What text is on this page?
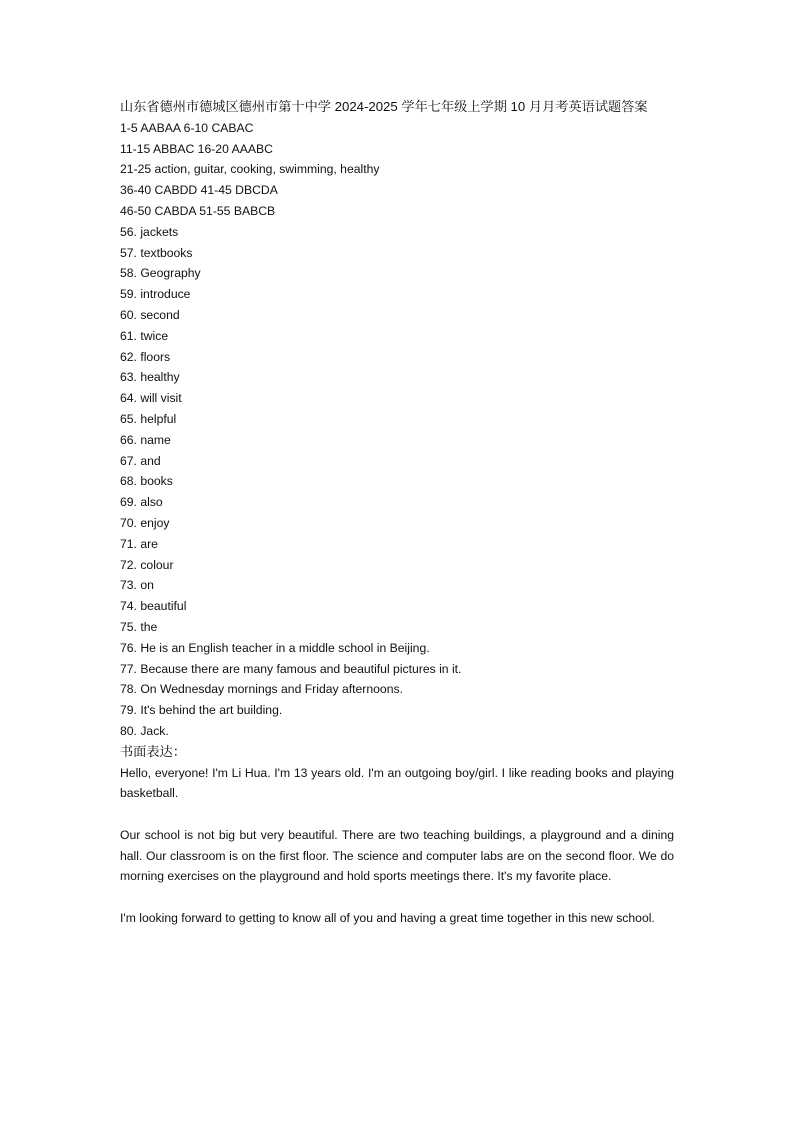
山东省德州市德城区德州市第十中学 2024-2025 学年七年级上学期 10 月月考英语试题答案
1-5 AABAA 6-10 CABAC
11-15 ABBAC 16-20 AAABC
21-25 action, guitar, cooking, swimming, healthy
36-40 CABDD 41-45 DBCDA
46-50 CABDA 51-55 BABCB
56. jackets
57. textbooks
58. Geography
59. introduce
60. second
61. twice
62. floors
63. healthy
64. will visit
65. helpful
66. name
67. and
68. books
69. also
70. enjoy
71. are
72. colour
73. on
74. beautiful
75. the
76. He is an English teacher in a middle school in Beijing.
77. Because there are many famous and beautiful pictures in it.
78. On Wednesday mornings and Friday afternoons.
79. It's behind the art building.
80. Jack.
书面表达：

Hello, everyone! I'm Li Hua. I'm 13 years old. I'm an outgoing boy/girl. I like reading books and playing basketball.

Our school is not big but very beautiful. There are two teaching buildings, a playground and a dining hall. Our classroom is on the first floor. The science and computer labs are on the second floor. We do morning exercises on the playground and hold sports meetings there. It's my favorite place.

I'm looking forward to getting to know all of you and having a great time together in this new school.
